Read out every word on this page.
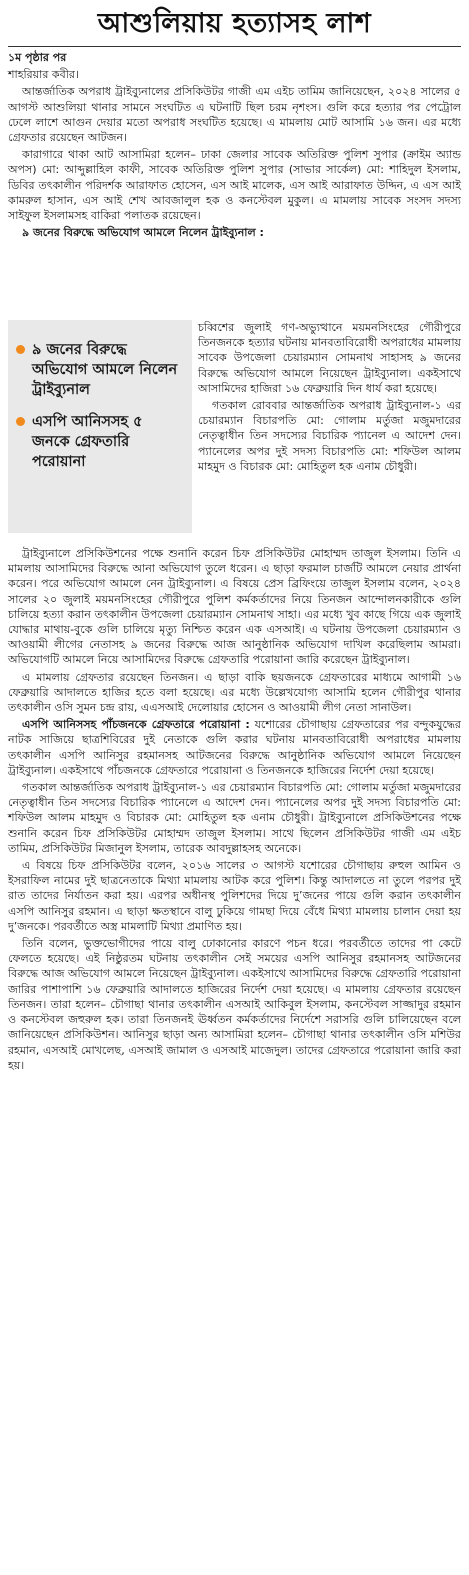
আশুলিয়ায় হত্যাসহ লাশ

১ম পৃষ্ঠার পর

শাহরিয়ার কবীর।

আন্তর্জাতিক অপরাধ ট্রাইব্যুনালের প্রসিকিউটর গাজী এম এইচ তামিম জানিয়েছেন, ২০২৪ সালের ৫ আগস্ট আশুলিয়া থানার সামনে সংঘটিত এ ঘটনাটি ছিল চরম নৃশংস। গুলি করে হত্যার পর পেট্রোল ঢেলে লাশে আগুন দেয়ার মতো অপরাধ সংঘটিত হয়েছে। এ মামলায় মোট আসামি ১৬ জন। এর মধ্যে গ্রেফতার রয়েছেন আটজন।

কারাগারে থাকা আট আসামিরা হলেন– ঢাকা জেলার সাবেক অতিরিক্ত পুলিশ সুপার (ক্রাইম অ্যান্ড অপস) মো: আব্দুল্লাহিল কাফী, সাবেক অতিরিক্ত পুলিশ সুপার (সাভার সার্কেল) মো: শাহিদুল ইসলাম, ডিবির তৎকালীন পরিদর্শক আরাফাত হোসেন, এস আই মালেক, এস আই আরাফাত উদ্দিন, এ এস আই কামরুল হাসান, এস আই শেখ আবজালুল হক ও কনস্টেবল মুকুল। এ মামলায় সাবেক সংসদ সদস্য সাইফুল ইসলামসহ বাকিরা পলাতক রয়েছেন।

৯ জনের বিরুদ্ধে অভিযোগ আমলে নিলেন ট্রাইব্যুনাল :

৯ জনের বিরুদ্ধে অভিযোগ আমলে নিলেন ট্রাইব্যুনাল
এসপি আনিসসহ ৫ জনকে গ্রেফতারি পরোয়ানা

চব্বিশের জুলাই গণ-অভ্যুত্থানে ময়মনসিংহের গৌরীপুরে তিনজনকে হত্যার ঘটনায় মানবতাবিরোধী অপরাধের মামলায় সাবেক উপজেলা চেয়ারম্যান সোমনাথ সাহাসহ ৯ জনের বিরুদ্ধে অভিযোগ আমলে নিয়েছেন ট্রাইব্যুনাল। একইসাথে আসামিদের হাজিরা ১৬ ফেব্রুয়ারি দিন ধার্য করা হয়েছে।

গতকাল রোববার আন্তর্জাতিক অপরাধ ট্রাইব্যুনাল-১ এর চেয়ারম্যান বিচারপতি মো: গোলাম মর্তুজা মজুমদারের নেতৃত্বাধীন তিন সদস্যের বিচারিক প্যানেল এ আদেশ দেন। প্যানেলের অপর দুই সদস্য বিচারপতি মো: শফিউল আলম মাহমুদ ও বিচারক মো: মোহিতুল হক এনাম চৌধুরী।

ট্রাইব্যুনালে প্রসিকিউশনের পক্ষে শুনানি করেন চিফ প্রসিকিউটর মোহাম্মদ তাজুল ইসলাম। তিনি এ মামলায় আসামিদের বিরুদ্ধে আনা অভিযোগ তুলে ধরেন। এ ছাড়া ফরমাল চার্জটি আমলে নেয়ার প্রার্থনা করেন। পরে অভিযোগ আমলে নেন ট্রাইব্যুনাল। এ বিষয়ে প্রেস ব্রিফিংয়ে তাজুল ইসলাম বলেন, ২০২৪ সালের ২০ জুলাই ময়মনসিংহের গৌরীপুরে পুলিশ কর্মকর্তাদের নিয়ে তিনজন আন্দোলনকারীকে গুলি চালিয়ে হত্যা করান তৎকালীন উপজেলা চেয়ারম্যান সোমনাথ সাহা। এর মধ্যে খুব কাছে গিয়ে এক জুলাই যোদ্ধার মাথায়-বুকে গুলি চালিয়ে মৃত্যু নিশ্চিত করেন এক এসআই। এ ঘটনায় উপজেলা চেয়ারম্যান ও আওয়ামী লীগের নেতাসহ ৯ জনের বিরুদ্ধে আজ আনুষ্ঠানিক অভিযোগ দাখিল করেছিলাম আমরা। অভিযোগটি আমলে নিয়ে আসামিদের বিরুদ্ধে গ্রেফতারি পরোয়ানা জারি করেছেন ট্রাইব্যুনাল।

এ মামলায় গ্রেফতার রয়েছেন তিনজন। এ ছাড়া বাকি ছয়জনকে গ্রেফতারের মাধ্যমে আগামী ১৬ ফেব্রুয়ারি আদালতে হাজির হতে বলা হয়েছে। এর মধ্যে উল্লেখযোগ্য আসামি হলেন গৌরীপুর থানার তৎকালীন ওসি সুমন চন্দ্র রায়, এএসআই দেলোয়ার হোসেন ও আওয়ামী লীগ নেতা সানাউল।

এসপি আনিসসহ পাঁচজনকে গ্রেফতারে পরোয়ানা : যশোরের চৌগাছায় গ্রেফতারের পর বন্দুকযুদ্ধের নাটক সাজিয়ে ছাত্রশিবিরের দুই নেতাকে গুলি করার ঘটনায় মানবতাবিরোধী অপরাধের মামলায় তৎকালীন এসপি আনিসুর রহমানসহ আটজনের বিরুদ্ধে আনুষ্ঠানিক অভিযোগ আমলে নিয়েছেন ট্রাইব্যুনাল। একইসাথে পাঁচজনকে গ্রেফতারে পরোয়ানা ও তিনজনকে হাজিরের নির্দেশ দেয়া হয়েছে।

গতকাল আন্তর্জাতিক অপরাধ ট্রাইব্যুনাল-১ এর চেয়ারম্যান বিচারপতি মো: গোলাম মর্তুজা মজুমদারের নেতৃত্বাধীন তিন সদস্যের বিচারিক প্যানেলে এ আদেশ দেন। প্যানেলের অপর দুই সদস্য বিচারপতি মো: শফিউল আলম মাহমুদ ও বিচারক মো: মোহিতুল হক এনাম চৌধুরী। ট্রাইব্যুনালে প্রসিকিউশনের পক্ষে শুনানি করেন চিফ প্রসিকিউটর মোহাম্মদ তাজুল ইসলাম। সাথে ছিলেন প্রসিকিউটর গাজী এম এইচ তামিম, প্রসিকিউটর মিজানুল ইসলাম, তারেক আবদুল্লাহসহ অনেকে।

এ বিষয়ে চিফ প্রসিকিউটর বলেন, ২০১৬ সালের ৩ আগস্ট যশোরের চৌগাছায় রুহুল আমিন ও ইসরাফিল নামের দুই ছাত্রনেতাকে মিথ্যা মামলায় আটক করে পুলিশ। কিন্তু আদালতে না তুলে পরপর দুই রাত তাদের নির্যাতন করা হয়। এরপর অধীনস্থ পুলিশদের দিয়ে দু’জনের পায়ে গুলি করান তৎকালীন এসপি আনিসুর রহমান। এ ছাড়া ক্ষতস্থানে বালু ঢুকিয়ে গামছা দিয়ে বেঁধে মিথ্যা মামলায় চালান দেয়া হয় দু’জনকে। পরবর্তীতে অস্ত্র মামলাটি মিথ্যা প্রমাণিত হয়।

তিনি বলেন, ভুক্তভোগীদের পায়ে বালু ঢোকানোর কারণে পচন ধরে। পরবর্তীতে তাদের পা কেটে ফেলতে হয়েছে। এই নিষ্ঠুরতম ঘটনায় তৎকালীন সেই সময়ের এসপি আনিসুর রহমানসহ আটজনের বিরুদ্ধে আজ অভিযোগ আমলে নিয়েছেন ট্রাইব্যুনাল। একইসাথে আসামিদের বিরুদ্ধে গ্রেফতারি পরোয়ানা জারির পাশাপাশি ১৬ ফেব্রুয়ারি আদালতে হাজিরের নির্দেশ দেয়া হয়েছে। এ মামলায় গ্রেফতার রয়েছেন তিনজন। তারা হলেন– চৌগাছা থানার তৎকালীন এসআই আকিবুল ইসলাম, কনস্টেবল সাজ্জাদুর রহমান ও কনস্টেবল জহুরুল হক। তারা তিনজনই ঊর্ধ্বতন কর্মকর্তাদের নির্দেশে সরাসরি গুলি চালিয়েছেন বলে জানিয়েছেন প্রসিকিউশন। আনিসুর ছাড়া অন্য আসামিরা হলেন– চৌগাছা থানার তৎকালীন ওসি মশিউর রহমান, এসআই মোখলেছ, এসআই জামাল ও এসআই মাজেদুল। তাদের গ্রেফতারে পরোয়ানা জারি করা হয়।
